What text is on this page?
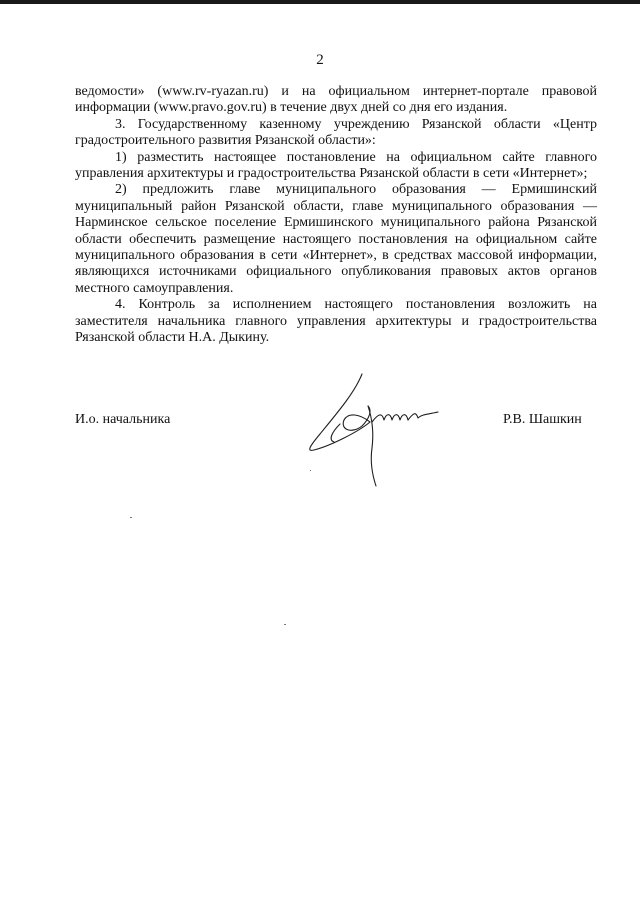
2

ведомости» (www.rv-ryazan.ru) и на официальном интернет-портале правовой информации (www.pravo.gov.ru) в течение двух дней со дня его издания.

3. Государственному казенному учреждению Рязанской области «Центр градостроительного развития Рязанской области»:

1) разместить настоящее постановление на официальном сайте главного управления архитектуры и градостроительства Рязанской области в сети «Интернет»;

2) предложить главе муниципального образования — Ермишинский муниципальный район Рязанской области, главе муниципального образования — Нарминское сельское поселение Ермишинского муниципального района Рязанской области обеспечить размещение настоящего постановления на официальном сайте муниципального образования в сети «Интернет», в средствах массовой информации, являющихся источниками официального опубликования правовых актов органов местного самоуправления.

4. Контроль за исполнением настоящего постановления возложить на заместителя начальника главного управления архитектуры и градостроительства Рязанской области Н.А. Дыкину.

И.о. начальника	Р.В. Шашкин
